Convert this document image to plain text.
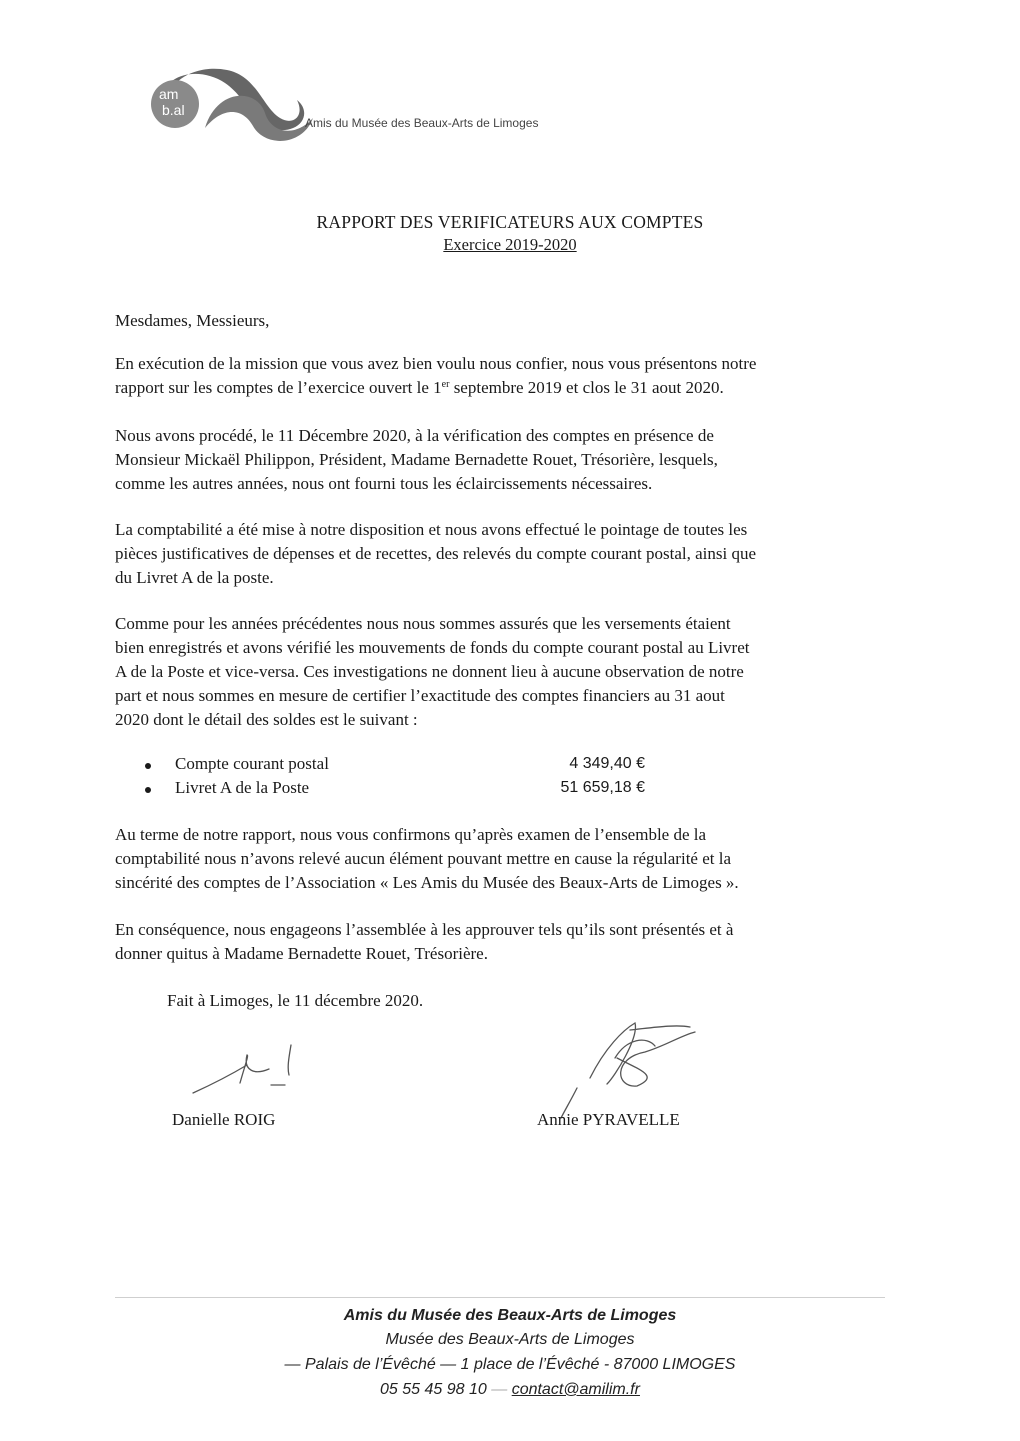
am
b.al
Amis du Musée des Beaux-Arts de Limoges
RAPPORT DES VERIFICATEURS AUX COMPTES
Exercice 2019-2020
Mesdames, Messieurs,
En exécution de la mission que vous avez bien voulu nous confier, nous vous présentons notre
rapport sur les comptes de l’exercice ouvert le 1er septembre 2019 et clos le 31 aout 2020.
Nous avons procédé, le 11 Décembre 2020, à la vérification des comptes en présence de
Monsieur Mickaël Philippon, Président, Madame Bernadette Rouet, Trésorière, lesquels,
comme les autres années, nous ont fourni tous les éclaircissements nécessaires.
La comptabilité a été mise à notre disposition et nous avons effectué le pointage de toutes les
pièces justificatives de dépenses et de recettes, des relevés du compte courant postal, ainsi que
du Livret A de la poste.
Comme pour les années précédentes nous nous sommes assurés que les versements étaient
bien enregistrés et avons vérifié les mouvements de fonds du compte courant postal au Livret
A de la Poste et vice-versa. Ces investigations ne donnent lieu à aucune observation de notre
part et nous sommes en mesure de certifier l’exactitude des comptes financiers au 31 aout
2020 dont le détail des soldes est le suivant :
Compte courant postal	4 349,40 €
Livret A de la Poste	51 659,18 €
Au terme de notre rapport, nous vous confirmons qu’après examen de l’ensemble de la
comptabilité nous n’avons relevé aucun élément pouvant mettre en cause la régularité et la
sincérité des comptes de l’Association « Les Amis du Musée des Beaux-Arts de Limoges ».
En conséquence, nous engageons l’assemblée à les approuver tels qu’ils sont présentés et à
donner quitus à Madame Bernadette Rouet, Trésorière.
Fait à Limoges, le 11 décembre 2020.
Danielle ROIG	Annie PYRAVELLE
Amis du Musée des Beaux-Arts de Limoges
Musée des Beaux-Arts de Limoges
— Palais de l’Évêché — 1 place de l’Évêché - 87000 LIMOGES
05 55 45 98 10 — contact@amilim.fr
